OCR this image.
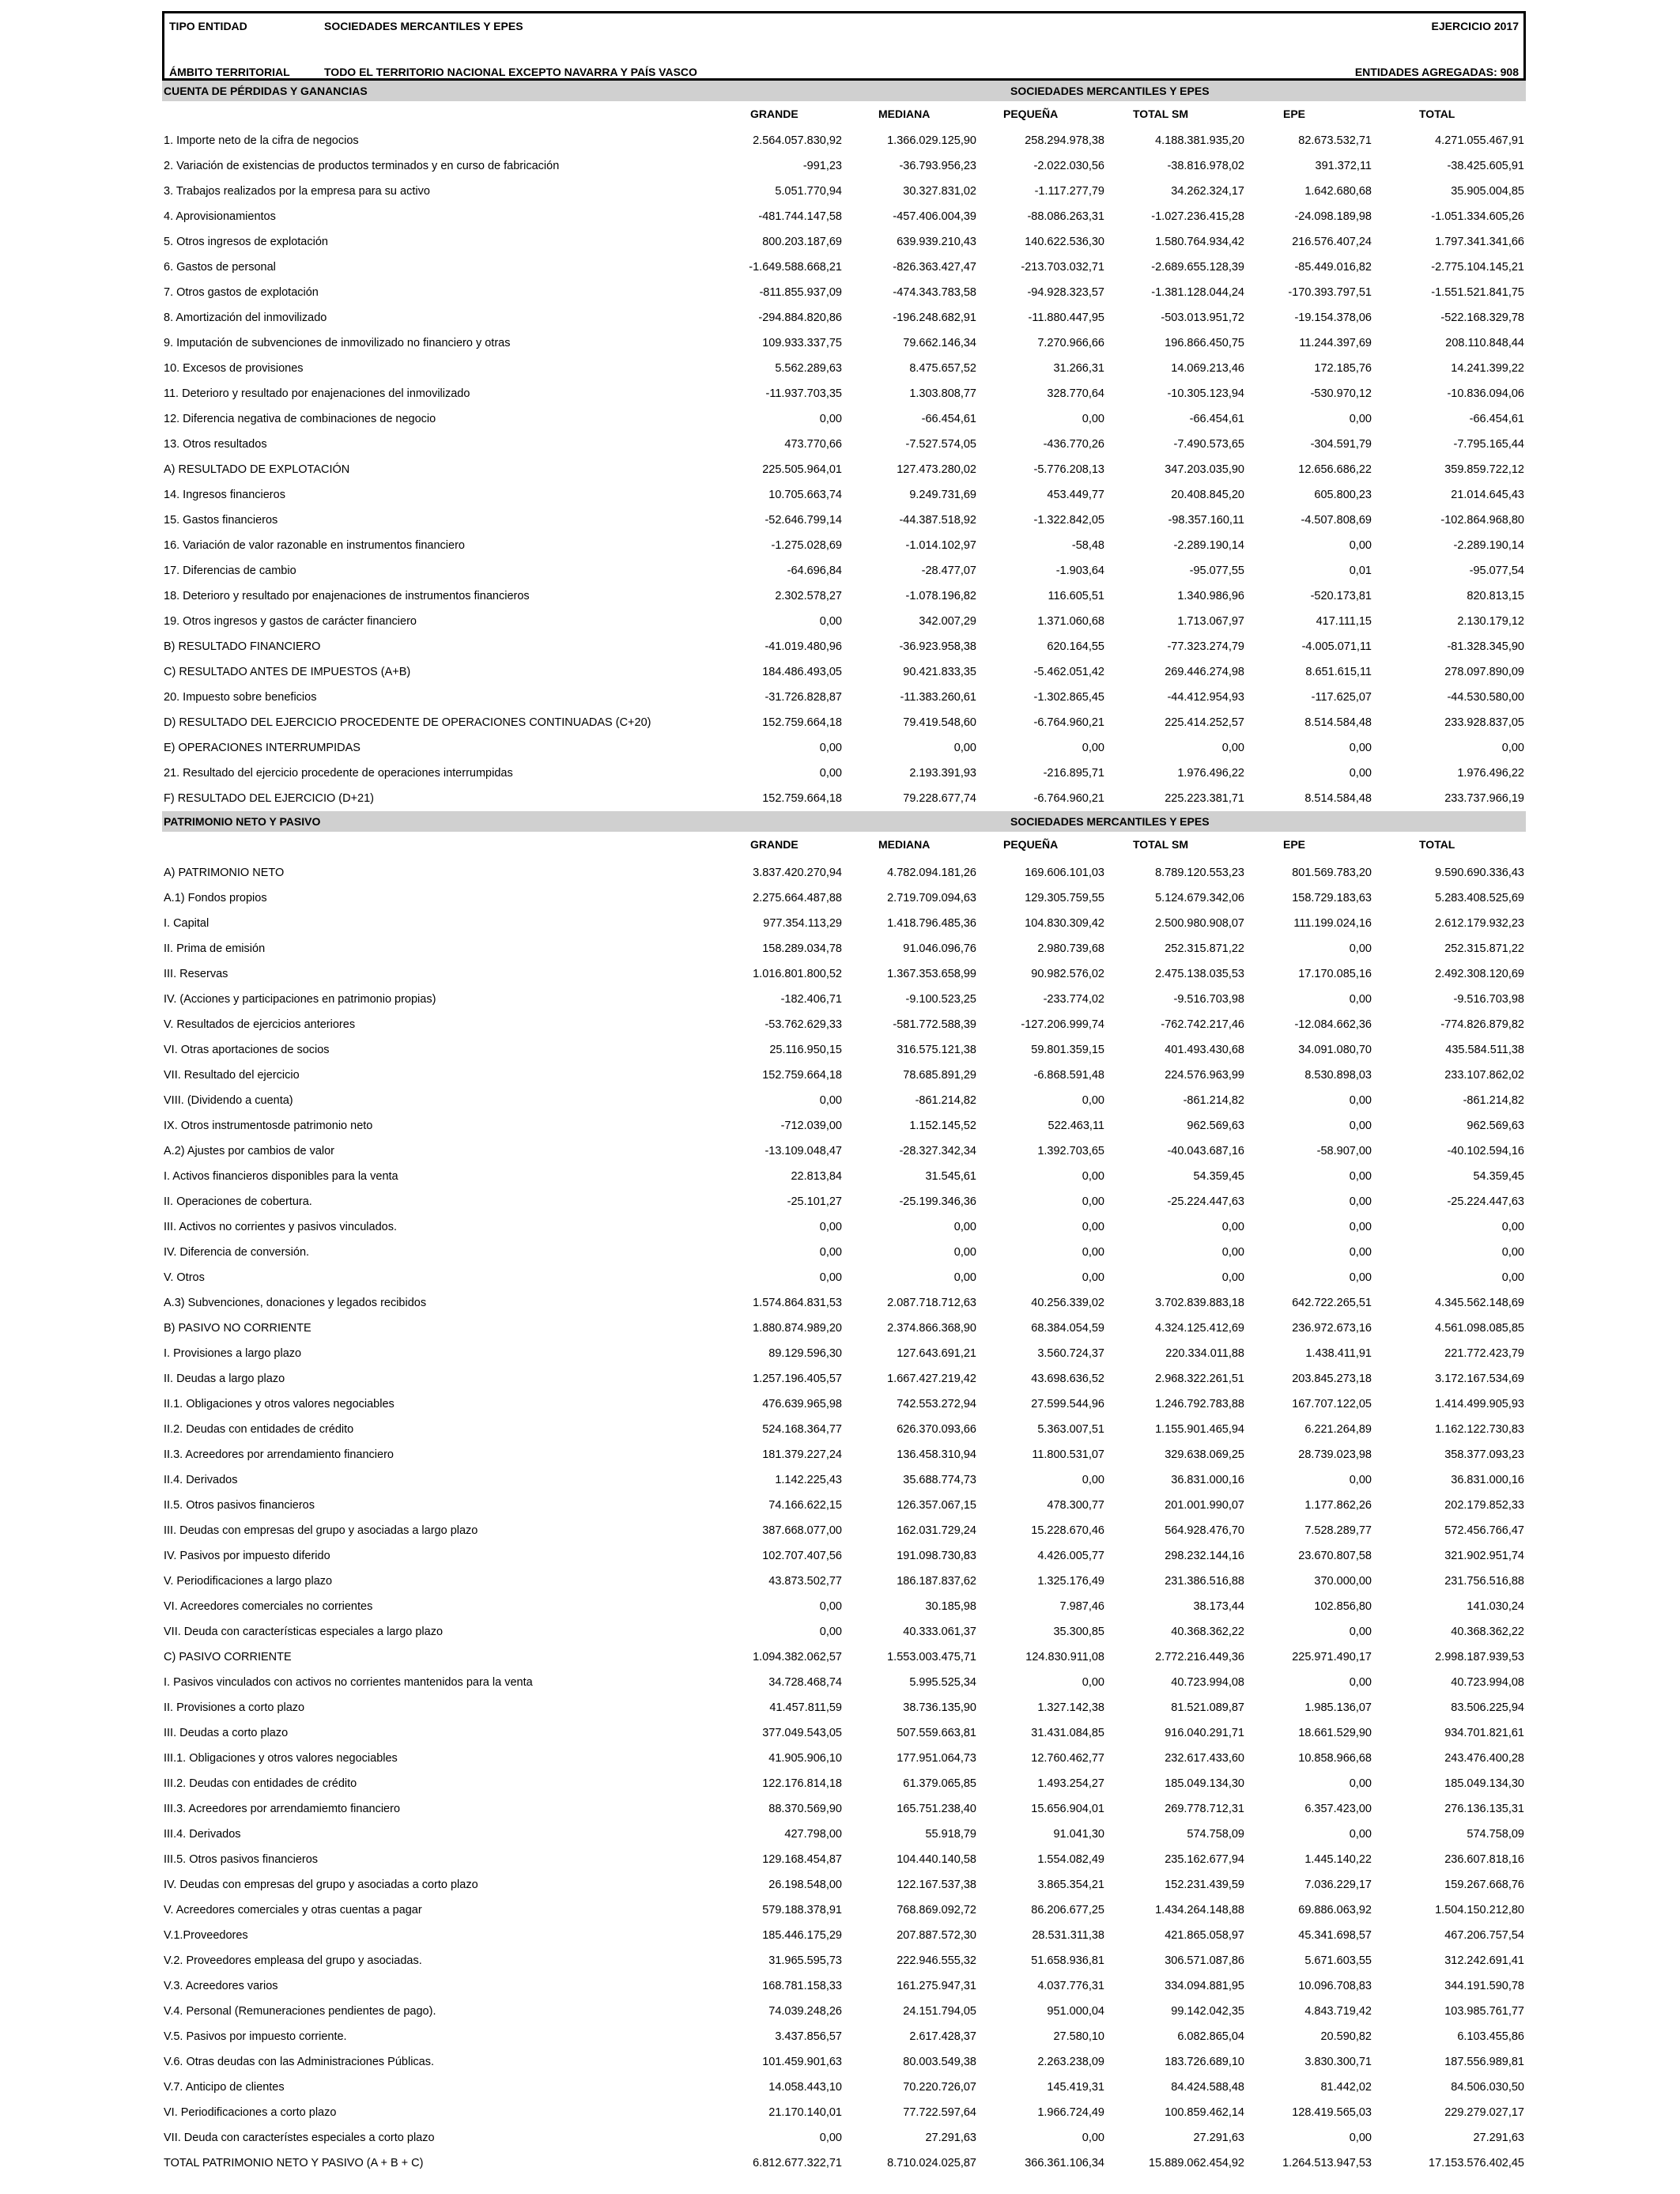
TIPO ENTIDAD	SOCIEDADES MERCANTILES Y EPES	EJERCICIO 2017
ÁMBITO TERRITORIAL	TODO EL TERRITORIO NACIONAL EXCEPTO NAVARRA Y PAÍS VASCO	ENTIDADES AGREGADAS: 908
CUENTA DE PÉRDIDAS Y GANANCIAS	SOCIEDADES MERCANTILES Y EPES
GRANDE	MEDIANA	PEQUEÑA	TOTAL SM	EPE	TOTAL
1. Importe neto de la cifra de negocios	2.564.057.830,92	1.366.029.125,90	258.294.978,38	4.188.381.935,20	82.673.532,71	4.271.055.467,91
2. Variación de existencias de productos terminados y en curso de fabricación	-991,23	-36.793.956,23	-2.022.030,56	-38.816.978,02	391.372,11	-38.425.605,91
3. Trabajos realizados por la empresa para su activo	5.051.770,94	30.327.831,02	-1.117.277,79	34.262.324,17	1.642.680,68	35.905.004,85
4. Aprovisionamientos	-481.744.147,58	-457.406.004,39	-88.086.263,31	-1.027.236.415,28	-24.098.189,98	-1.051.334.605,26
5. Otros ingresos de explotación	800.203.187,69	639.939.210,43	140.622.536,30	1.580.764.934,42	216.576.407,24	1.797.341.341,66
6. Gastos de personal	-1.649.588.668,21	-826.363.427,47	-213.703.032,71	-2.689.655.128,39	-85.449.016,82	-2.775.104.145,21
7. Otros gastos de explotación	-811.855.937,09	-474.343.783,58	-94.928.323,57	-1.381.128.044,24	-170.393.797,51	-1.551.521.841,75
8. Amortización del inmovilizado	-294.884.820,86	-196.248.682,91	-11.880.447,95	-503.013.951,72	-19.154.378,06	-522.168.329,78
9. Imputación de subvenciones de inmovilizado no financiero y otras	109.933.337,75	79.662.146,34	7.270.966,66	196.866.450,75	11.244.397,69	208.110.848,44
10. Excesos de provisiones	5.562.289,63	8.475.657,52	31.266,31	14.069.213,46	172.185,76	14.241.399,22
11. Deterioro y resultado por enajenaciones del inmovilizado	-11.937.703,35	1.303.808,77	328.770,64	-10.305.123,94	-530.970,12	-10.836.094,06
12. Diferencia negativa de combinaciones de negocio	0,00	-66.454,61	0,00	-66.454,61	0,00	-66.454,61
13. Otros resultados	473.770,66	-7.527.574,05	-436.770,26	-7.490.573,65	-304.591,79	-7.795.165,44
A) RESULTADO DE EXPLOTACIÓN	225.505.964,01	127.473.280,02	-5.776.208,13	347.203.035,90	12.656.686,22	359.859.722,12
14. Ingresos financieros	10.705.663,74	9.249.731,69	453.449,77	20.408.845,20	605.800,23	21.014.645,43
15. Gastos financieros	-52.646.799,14	-44.387.518,92	-1.322.842,05	-98.357.160,11	-4.507.808,69	-102.864.968,80
16. Variación de valor razonable en instrumentos financiero	-1.275.028,69	-1.014.102,97	-58,48	-2.289.190,14	0,00	-2.289.190,14
17. Diferencias de cambio	-64.696,84	-28.477,07	-1.903,64	-95.077,55	0,01	-95.077,54
18. Deterioro y resultado por enajenaciones de instrumentos financieros	2.302.578,27	-1.078.196,82	116.605,51	1.340.986,96	-520.173,81	820.813,15
19. Otros ingresos y gastos de carácter financiero	0,00	342.007,29	1.371.060,68	1.713.067,97	417.111,15	2.130.179,12
B) RESULTADO FINANCIERO	-41.019.480,96	-36.923.958,38	620.164,55	-77.323.274,79	-4.005.071,11	-81.328.345,90
C) RESULTADO ANTES DE IMPUESTOS (A+B)	184.486.493,05	90.421.833,35	-5.462.051,42	269.446.274,98	8.651.615,11	278.097.890,09
20. Impuesto sobre beneficios	-31.726.828,87	-11.383.260,61	-1.302.865,45	-44.412.954,93	-117.625,07	-44.530.580,00
D) RESULTADO DEL EJERCICIO PROCEDENTE DE OPERACIONES CONTINUADAS (C+20)	152.759.664,18	79.419.548,60	-6.764.960,21	225.414.252,57	8.514.584,48	233.928.837,05
E) OPERACIONES INTERRUMPIDAS	0,00	0,00	0,00	0,00	0,00	0,00
21. Resultado del ejercicio procedente de operaciones interrumpidas	0,00	2.193.391,93	-216.895,71	1.976.496,22	0,00	1.976.496,22
F) RESULTADO DEL EJERCICIO (D+21)	152.759.664,18	79.228.677,74	-6.764.960,21	225.223.381,71	8.514.584,48	233.737.966,19
PATRIMONIO NETO Y PASIVO	SOCIEDADES MERCANTILES Y EPES
GRANDE	MEDIANA	PEQUEÑA	TOTAL SM	EPE	TOTAL
A) PATRIMONIO NETO	3.837.420.270,94	4.782.094.181,26	169.606.101,03	8.789.120.553,23	801.569.783,20	9.590.690.336,43
A.1) Fondos propios	2.275.664.487,88	2.719.709.094,63	129.305.759,55	5.124.679.342,06	158.729.183,63	5.283.408.525,69
I. Capital	977.354.113,29	1.418.796.485,36	104.830.309,42	2.500.980.908,07	111.199.024,16	2.612.179.932,23
II. Prima de emisión	158.289.034,78	91.046.096,76	2.980.739,68	252.315.871,22	0,00	252.315.871,22
III. Reservas	1.016.801.800,52	1.367.353.658,99	90.982.576,02	2.475.138.035,53	17.170.085,16	2.492.308.120,69
IV. (Acciones y participaciones en patrimonio propias)	-182.406,71	-9.100.523,25	-233.774,02	-9.516.703,98	0,00	-9.516.703,98
V. Resultados de ejercicios anteriores	-53.762.629,33	-581.772.588,39	-127.206.999,74	-762.742.217,46	-12.084.662,36	-774.826.879,82
VI. Otras aportaciones de socios	25.116.950,15	316.575.121,38	59.801.359,15	401.493.430,68	34.091.080,70	435.584.511,38
VII. Resultado del ejercicio	152.759.664,18	78.685.891,29	-6.868.591,48	224.576.963,99	8.530.898,03	233.107.862,02
VIII. (Dividendo a cuenta)	0,00	-861.214,82	0,00	-861.214,82	0,00	-861.214,82
IX. Otros instrumentosde patrimonio neto	-712.039,00	1.152.145,52	522.463,11	962.569,63	0,00	962.569,63
A.2) Ajustes por cambios de valor	-13.109.048,47	-28.327.342,34	1.392.703,65	-40.043.687,16	-58.907,00	-40.102.594,16
I. Activos financieros disponibles para la venta	22.813,84	31.545,61	0,00	54.359,45	0,00	54.359,45
II. Operaciones de cobertura.	-25.101,27	-25.199.346,36	0,00	-25.224.447,63	0,00	-25.224.447,63
III. Activos no corrientes y pasivos vinculados.	0,00	0,00	0,00	0,00	0,00	0,00
IV. Diferencia de conversión.	0,00	0,00	0,00	0,00	0,00	0,00
V. Otros	0,00	0,00	0,00	0,00	0,00	0,00
A.3) Subvenciones, donaciones y legados recibidos	1.574.864.831,53	2.087.718.712,63	40.256.339,02	3.702.839.883,18	642.722.265,51	4.345.562.148,69
B) PASIVO NO CORRIENTE	1.880.874.989,20	2.374.866.368,90	68.384.054,59	4.324.125.412,69	236.972.673,16	4.561.098.085,85
I. Provisiones a largo plazo	89.129.596,30	127.643.691,21	3.560.724,37	220.334.011,88	1.438.411,91	221.772.423,79
II. Deudas a largo plazo	1.257.196.405,57	1.667.427.219,42	43.698.636,52	2.968.322.261,51	203.845.273,18	3.172.167.534,69
II.1. Obligaciones y otros valores negociables	476.639.965,98	742.553.272,94	27.599.544,96	1.246.792.783,88	167.707.122,05	1.414.499.905,93
II.2. Deudas con entidades de crédito	524.168.364,77	626.370.093,66	5.363.007,51	1.155.901.465,94	6.221.264,89	1.162.122.730,83
II.3. Acreedores por arrendamiento financiero	181.379.227,24	136.458.310,94	11.800.531,07	329.638.069,25	28.739.023,98	358.377.093,23
II.4. Derivados	1.142.225,43	35.688.774,73	0,00	36.831.000,16	0,00	36.831.000,16
II.5. Otros pasivos financieros	74.166.622,15	126.357.067,15	478.300,77	201.001.990,07	1.177.862,26	202.179.852,33
III. Deudas con empresas del grupo y asociadas a largo plazo	387.668.077,00	162.031.729,24	15.228.670,46	564.928.476,70	7.528.289,77	572.456.766,47
IV. Pasivos por impuesto diferido	102.707.407,56	191.098.730,83	4.426.005,77	298.232.144,16	23.670.807,58	321.902.951,74
V. Periodificaciones a largo plazo	43.873.502,77	186.187.837,62	1.325.176,49	231.386.516,88	370.000,00	231.756.516,88
VI. Acreedores comerciales no corrientes	0,00	30.185,98	7.987,46	38.173,44	102.856,80	141.030,24
VII. Deuda con características especiales a largo plazo	0,00	40.333.061,37	35.300,85	40.368.362,22	0,00	40.368.362,22
C) PASIVO CORRIENTE	1.094.382.062,57	1.553.003.475,71	124.830.911,08	2.772.216.449,36	225.971.490,17	2.998.187.939,53
I. Pasivos vinculados con activos no corrientes mantenidos para la venta	34.728.468,74	5.995.525,34	0,00	40.723.994,08	0,00	40.723.994,08
II. Provisiones a corto plazo	41.457.811,59	38.736.135,90	1.327.142,38	81.521.089,87	1.985.136,07	83.506.225,94
III. Deudas a corto plazo	377.049.543,05	507.559.663,81	31.431.084,85	916.040.291,71	18.661.529,90	934.701.821,61
III.1. Obligaciones y otros valores negociables	41.905.906,10	177.951.064,73	12.760.462,77	232.617.433,60	10.858.966,68	243.476.400,28
III.2. Deudas con entidades de crédito	122.176.814,18	61.379.065,85	1.493.254,27	185.049.134,30	0,00	185.049.134,30
III.3. Acreedores por arrendamiemto financiero	88.370.569,90	165.751.238,40	15.656.904,01	269.778.712,31	6.357.423,00	276.136.135,31
III.4. Derivados	427.798,00	55.918,79	91.041,30	574.758,09	0,00	574.758,09
III.5. Otros pasivos financieros	129.168.454,87	104.440.140,58	1.554.082,49	235.162.677,94	1.445.140,22	236.607.818,16
IV. Deudas con empresas del grupo y asociadas a corto plazo	26.198.548,00	122.167.537,38	3.865.354,21	152.231.439,59	7.036.229,17	159.267.668,76
V. Acreedores comerciales y otras cuentas a pagar	579.188.378,91	768.869.092,72	86.206.677,25	1.434.264.148,88	69.886.063,92	1.504.150.212,80
V.1.Proveedores	185.446.175,29	207.887.572,30	28.531.311,38	421.865.058,97	45.341.698,57	467.206.757,54
V.2. Proveedores empleasa del grupo y asociadas.	31.965.595,73	222.946.555,32	51.658.936,81	306.571.087,86	5.671.603,55	312.242.691,41
V.3. Acreedores varios	168.781.158,33	161.275.947,31	4.037.776,31	334.094.881,95	10.096.708,83	344.191.590,78
V.4. Personal (Remuneraciones pendientes de pago).	74.039.248,26	24.151.794,05	951.000,04	99.142.042,35	4.843.719,42	103.985.761,77
V.5. Pasivos por impuesto corriente.	3.437.856,57	2.617.428,37	27.580,10	6.082.865,04	20.590,82	6.103.455,86
V.6. Otras deudas con las Administraciones Públicas.	101.459.901,63	80.003.549,38	2.263.238,09	183.726.689,10	3.830.300,71	187.556.989,81
V.7. Anticipo de clientes	14.058.443,10	70.220.726,07	145.419,31	84.424.588,48	81.442,02	84.506.030,50
VI. Periodificaciones a corto plazo	21.170.140,01	77.722.597,64	1.966.724,49	100.859.462,14	128.419.565,03	229.279.027,17
VII. Deuda con característes especiales a corto plazo	0,00	27.291,63	0,00	27.291,63	0,00	27.291,63
TOTAL PATRIMONIO NETO Y PASIVO (A + B + C)	6.812.677.322,71	8.710.024.025,87	366.361.106,34	15.889.062.454,92	1.264.513.947,53	17.153.576.402,45
